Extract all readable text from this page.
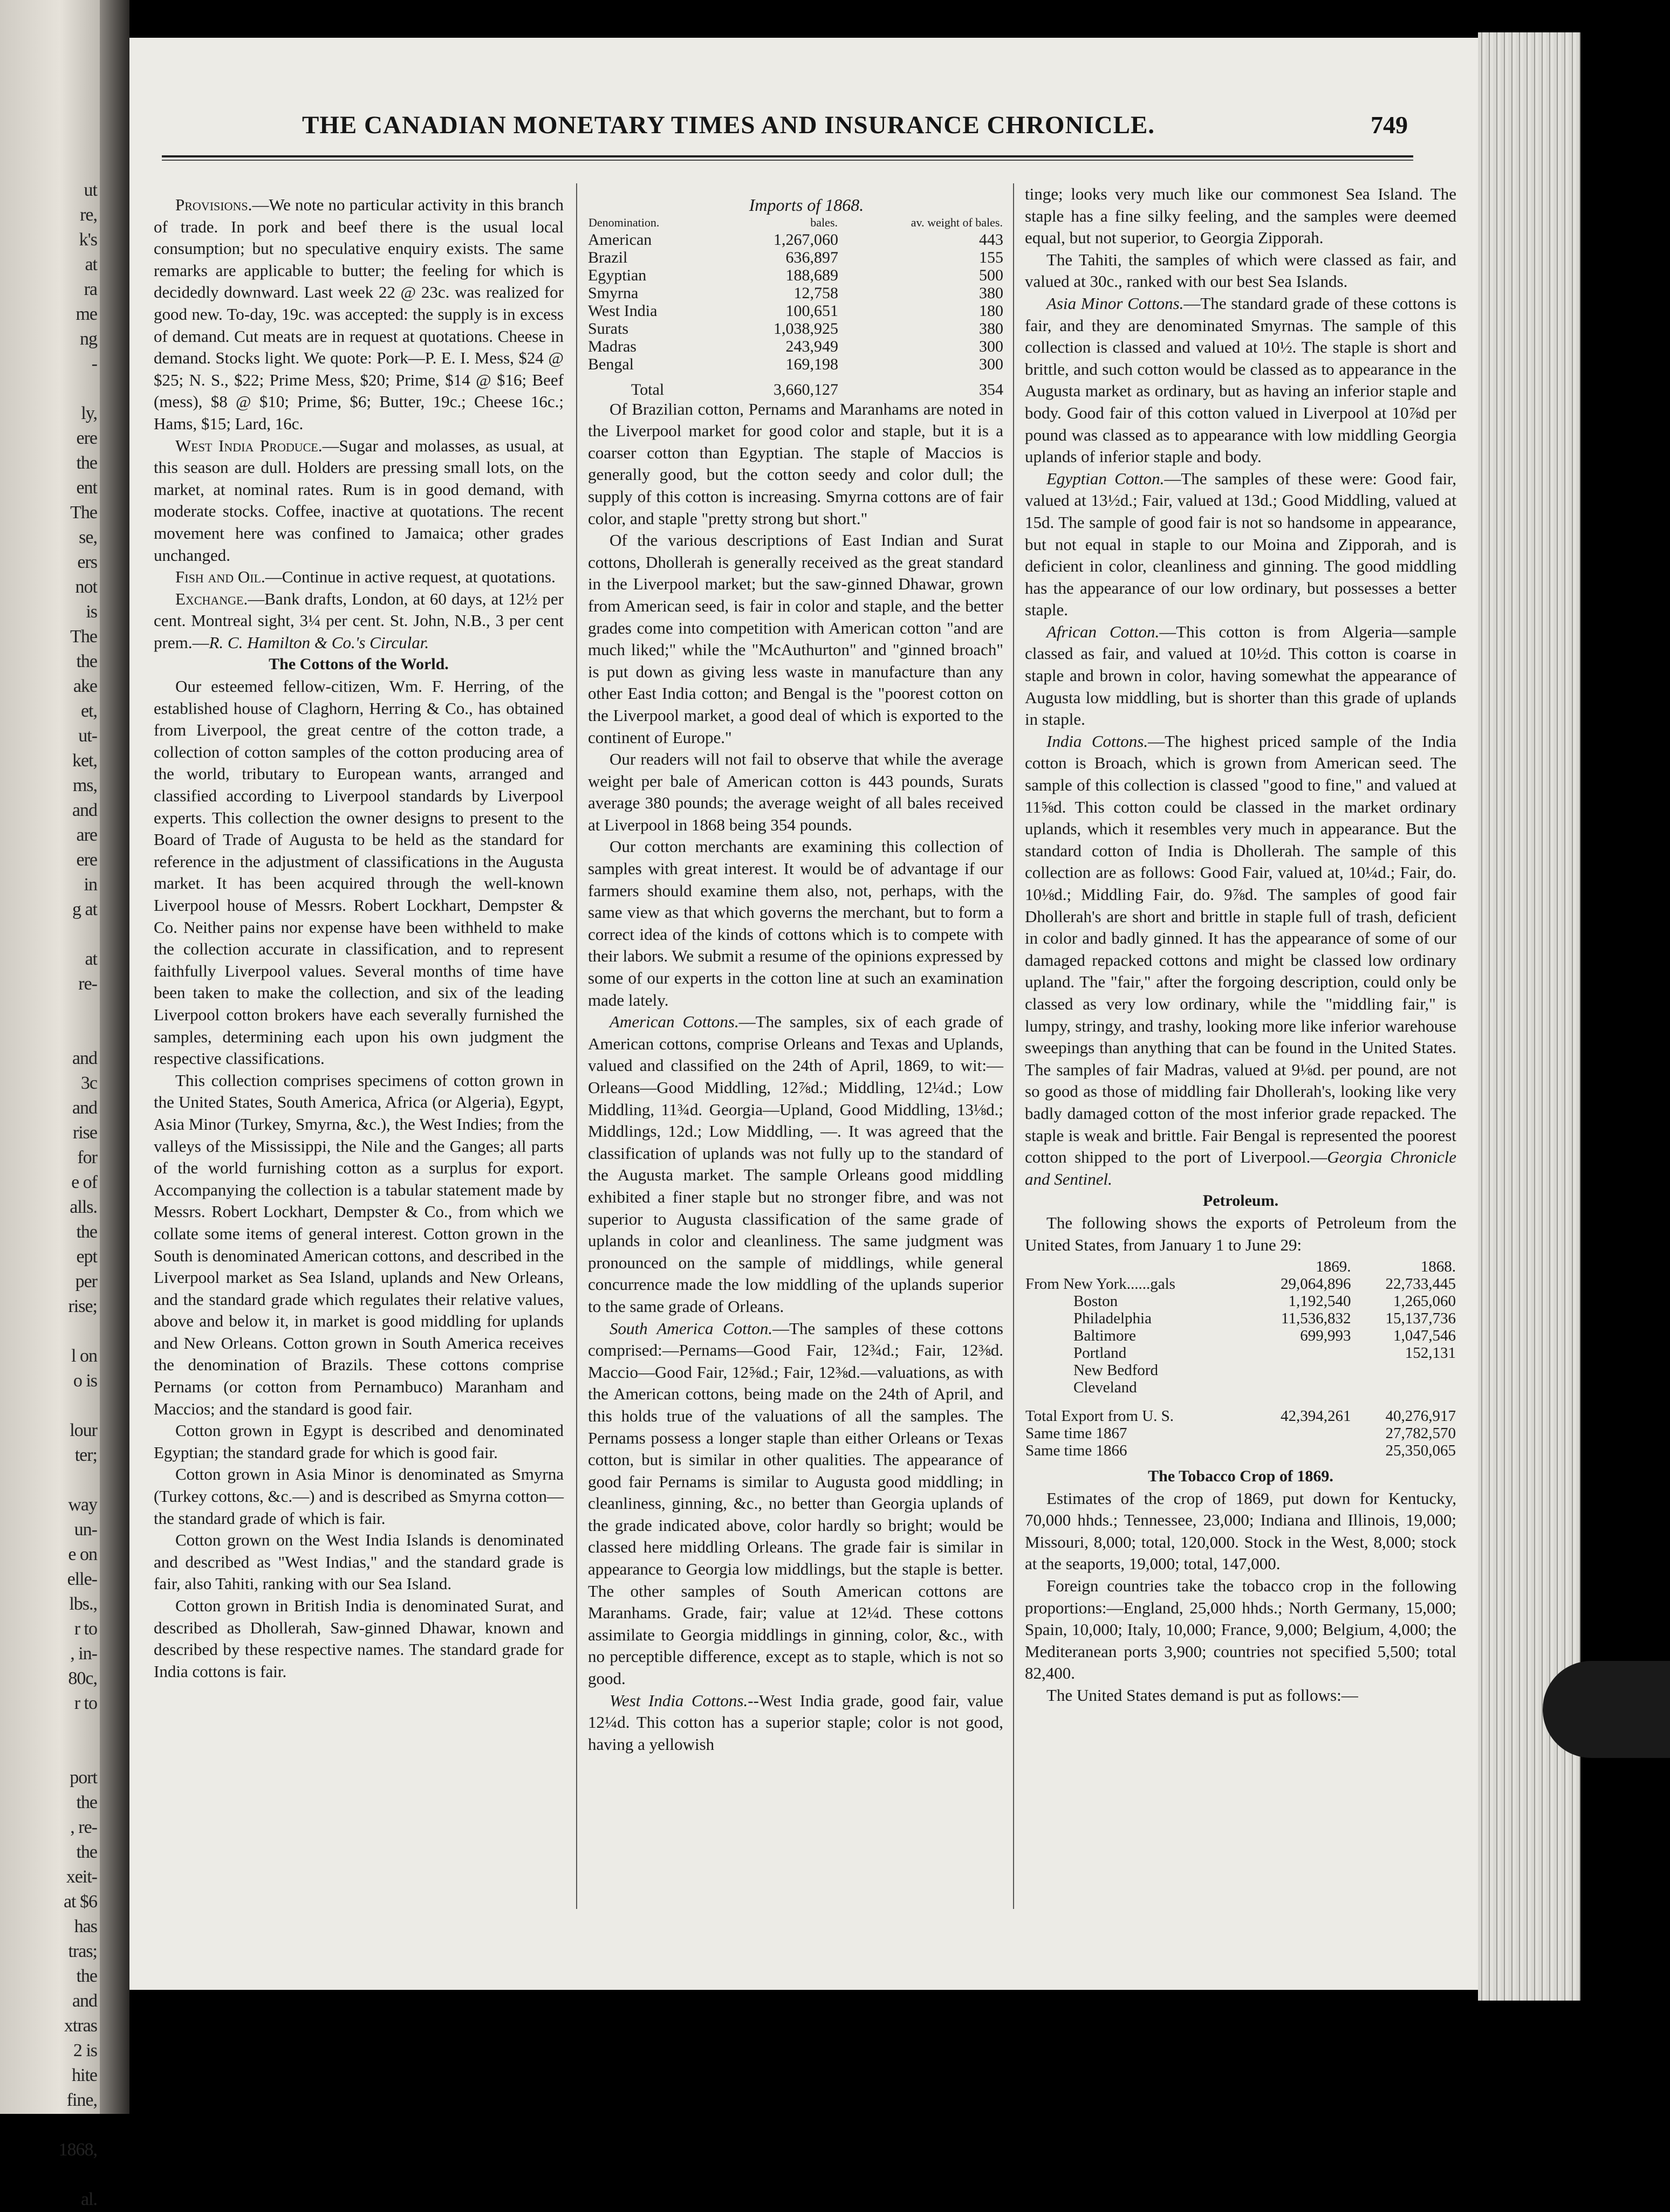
ut
re,
k's
at
ra
me
ng
-

ly,
ere
the
ent
The
se,
ers
not
is
The
the
ake
et,
ut-
ket,
ms,
and
are
ere
in
g at

at
re-

and
3c
and
rise
for
e of
alls.
the
ept
per
rise;

l on
o is

lour
ter;

way
un-
e on
elle-
lbs.,
r to
, in-
80c,
r to

port
the
, re-
the
xeit-
at $6
has
tras;
the
and
xtras
2 is
hite
fine,

1868,

al.
THE CANADIAN MONETARY TIMES AND INSURANCE CHRONICLE.	749

Provisions.—We note no particular activity in this branch of trade. In pork and beef there is the usual local consumption; but no speculative enquiry exists. The same remarks are applicable to butter; the feeling for which is decidedly downward. Last week 22 @ 23c. was realized for good new. To-day, 19c. was accepted: the supply is in excess of demand. Cut meats are in request at quotations. Cheese in demand. Stocks light. We quote: Pork—P. E. I. Mess, $24 @ $25; N. S., $22; Prime Mess, $20; Prime, $14 @ $16; Beef (mess), $8 @ $10; Prime, $6; Butter, 19c.; Cheese 16c.; Hams, $15; Lard, 16c.

West India Produce.—Sugar and molasses, as usual, at this season are dull. Holders are pressing small lots, on the market, at nominal rates. Rum is in good demand, with moderate stocks. Coffee, inactive at quotations. The recent movement here was confined to Jamaica; other grades unchanged.

Fish and Oil.—Continue in active request, at quotations.

Exchange.—Bank drafts, London, at 60 days, at 12½ per cent. Montreal sight, 3¼ per cent. St. John, N.B., 3 per cent prem.—R. C. Hamilton & Co.'s Circular.

The Cottons of the World.

Our esteemed fellow-citizen, Wm. F. Herring, of the established house of Claghorn, Herring & Co., has obtained from Liverpool, the great centre of the cotton trade, a collection of cotton samples of the cotton producing area of the world, tributary to European wants, arranged and classified according to Liverpool standards by Liverpool experts. This collection the owner designs to present to the Board of Trade of Augusta to be held as the standard for reference in the adjustment of classifications in the Augusta market. It has been acquired through the well-known Liverpool house of Messrs. Robert Lockhart, Dempster & Co. Neither pains nor expense have been withheld to make the collection accurate in classification, and to represent faithfully Liverpool values. Several months of time have been taken to make the collection, and six of the leading Liverpool cotton brokers have each severally furnished the samples, determining each upon his own judgment the respective classifications.

This collection comprises specimens of cotton grown in the United States, South America, Africa (or Algeria), Egypt, Asia Minor (Turkey, Smyrna, &c.), the West Indies; from the valleys of the Mississippi, the Nile and the Ganges; all parts of the world furnishing cotton as a surplus for export. Accompanying the collection is a tabular statement made by Messrs. Robert Lockhart, Dempster & Co., from which we collate some items of general interest. Cotton grown in the South is denominated American cottons, and described in the Liverpool market as Sea Island, uplands and New Orleans, and the standard grade which regulates their relative values, above and below it, in market is good middling for uplands and New Orleans. Cotton grown in South America receives the denomination of Brazils. These cottons comprise Pernams (or cotton from Pernambuco) Maranham and Maccios; and the standard is good fair.

Cotton grown in Egypt is described and denominated Egyptian; the standard grade for which is good fair.

Cotton grown in Asia Minor is denominated as Smyrna (Turkey cottons, &c.—) and is described as Smyrna cotton—the standard grade of which is fair.

Cotton grown on the West India Islands is denominated and described as "West Indias," and the standard grade is fair, also Tahiti, ranking with our Sea Island.

Cotton grown in British India is denominated Surat, and described as Dhollerah, Saw-ginned Dhawar, known and described by these respective names. The standard grade for India cottons is fair.

Imports of 1868.

Denomination.	bales.	av. weight of bales.
American	1,267,060	443
Brazil	636,897	155
Egyptian	188,689	500
Smyrna	12,758	380
West India	100,651	180
Surats	1,038,925	380
Madras	243,949	300
Bengal	169,198	300
Total	3,660,127	354

Of Brazilian cotton, Pernams and Maranhams are noted in the Liverpool market for good color and staple, but it is a coarser cotton than Egyptian. The staple of Maccios is generally good, but the cotton seedy and color dull; the supply of this cotton is increasing. Smyrna cottons are of fair color, and staple "pretty strong but short."

Of the various descriptions of East Indian and Surat cottons, Dhollerah is generally received as the great standard in the Liverpool market; but the saw-ginned Dhawar, grown from American seed, is fair in color and staple, and the better grades come into competition with American cotton "and are much liked;" while the "McAuthurton" and "ginned broach" is put down as giving less waste in manufacture than any other East India cotton; and Bengal is the "poorest cotton on the Liverpool market, a good deal of which is exported to the continent of Europe."

Our readers will not fail to observe that while the average weight per bale of American cotton is 443 pounds, Surats average 380 pounds; the average weight of all bales received at Liverpool in 1868 being 354 pounds.

Our cotton merchants are examining this collection of samples with great interest. It would be of advantage if our farmers should examine them also, not, perhaps, with the same view as that which governs the merchant, but to form a correct idea of the kinds of cottons which is to compete with their labors. We submit a resume of the opinions expressed by some of our experts in the cotton line at such an examination made lately.

American Cottons.—The samples, six of each grade of American cottons, comprise Orleans and Texas and Uplands, valued and classified on the 24th of April, 1869, to wit:—Orleans—Good Middling, 12⅞d.; Middling, 12¼d.; Low Middling, 11¾d. Georgia—Upland, Good Middling, 13⅛d.; Middlings, 12d.; Low Middling, —. It was agreed that the classification of uplands was not fully up to the standard of the Augusta market. The sample Orleans good middling exhibited a finer staple but no stronger fibre, and was not superior to Augusta classification of the same grade of uplands in color and cleanliness. The same judgment was pronounced on the sample of middlings, while general concurrence made the low middling of the uplands superior to the same grade of Orleans.

South America Cotton.—The samples of these cottons comprised:—Pernams—Good Fair, 12¾d.; Fair, 12⅜d. Maccio—Good Fair, 12⅝d.; Fair, 12⅜d.—valuations, as with the American cottons, being made on the 24th of April, and this holds true of the valuations of all the samples. The Pernams possess a longer staple than either Orleans or Texas cotton, but is similar in other qualities. The appearance of good fair Pernams is similar to Augusta good middling; in cleanliness, ginning, &c., no better than Georgia uplands of the grade indicated above, color hardly so bright; would be classed here middling Orleans. The grade fair is similar in appearance to Georgia low middlings, but the staple is better. The other samples of South American cottons are Maranhams. Grade, fair; value at 12¼d. These cottons assimilate to Georgia middlings in ginning, color, &c., with no perceptible difference, except as to staple, which is not so good.

West India Cottons.--West India grade, good fair, value 12¼d. This cotton has a superior staple; color is not good, having a yellowish

tinge; looks very much like our commonest Sea Island. The staple has a fine silky feeling, and the samples were deemed equal, but not superior, to Georgia Zipporah.

The Tahiti, the samples of which were classed as fair, and valued at 30c., ranked with our best Sea Islands.

Asia Minor Cottons.—The standard grade of these cottons is fair, and they are denominated Smyrnas. The sample of this collection is classed and valued at 10½. The staple is short and brittle, and such cotton would be classed as to appearance in the Augusta market as ordinary, but as having an inferior staple and body. Good fair of this cotton valued in Liverpool at 10⅞d per pound was classed as to appearance with low middling Georgia uplands of inferior staple and body.

Egyptian Cotton.—The samples of these were: Good fair, valued at 13½d.; Fair, valued at 13d.; Good Middling, valued at 15d. The sample of good fair is not so handsome in appearance, but not equal in staple to our Moina and Zipporah, and is deficient in color, cleanliness and ginning. The good middling has the appearance of our low ordinary, but possesses a better staple.

African Cotton.—This cotton is from Algeria—sample classed as fair, and valued at 10½d. This cotton is coarse in staple and brown in color, having somewhat the appearance of Augusta low middling, but is shorter than this grade of uplands in staple.

India Cottons.—The highest priced sample of the India cotton is Broach, which is grown from American seed. The sample of this collection is classed "good to fine," and valued at 11⅝d. This cotton could be classed in the market ordinary uplands, which it resembles very much in appearance. But the standard cotton of India is Dhollerah. The sample of this collection are as follows: Good Fair, valued at, 10¼d.; Fair, do. 10⅛d.; Middling Fair, do. 9⅞d. The samples of good fair Dhollerah's are short and brittle in staple full of trash, deficient in color and badly ginned. It has the appearance of some of our damaged repacked cottons and might be classed low ordinary upland. The "fair," after the forgoing description, could only be classed as very low ordinary, while the "middling fair," is lumpy, stringy, and trashy, looking more like inferior warehouse sweepings than anything that can be found in the United States. The samples of fair Madras, valued at 9⅛d. per pound, are not so good as those of middling fair Dhollerah's, looking like very badly damaged cotton of the most inferior grade repacked. The staple is weak and brittle. Fair Bengal is represented the poorest cotton shipped to the port of Liverpool.—Georgia Chronicle and Sentinel.

Petroleum.

The following shows the exports of Petroleum from the United States, from January 1 to June 29:

	1869.	1868.
From New York......gals	29,064,896	22,733,445
Boston	1,192,540	1,265,060
Philadelphia	11,536,832	15,137,736
Baltimore	699,993	1,047,546
Portland		152,131
New Bedford		
Cleveland		
Total Export from U. S.	42,394,261	40,276,917
Same time 1867		27,782,570
Same time 1866		25,350,065

The Tobacco Crop of 1869.

Estimates of the crop of 1869, put down for Kentucky, 70,000 hhds.; Tennessee, 23,000; Indiana and Illinois, 19,000; Missouri, 8,000; total, 120,000. Stock in the West, 8,000; stock at the seaports, 19,000; total, 147,000.

Foreign countries take the tobacco crop in the following proportions:—England, 25,000 hhds.; North Germany, 15,000; Spain, 10,000; Italy, 10,000; France, 9,000; Belgium, 4,000; the Mediteranean ports 3,900; countries not specified 5,500; total 82,400.

The United States demand is put as follows:—
